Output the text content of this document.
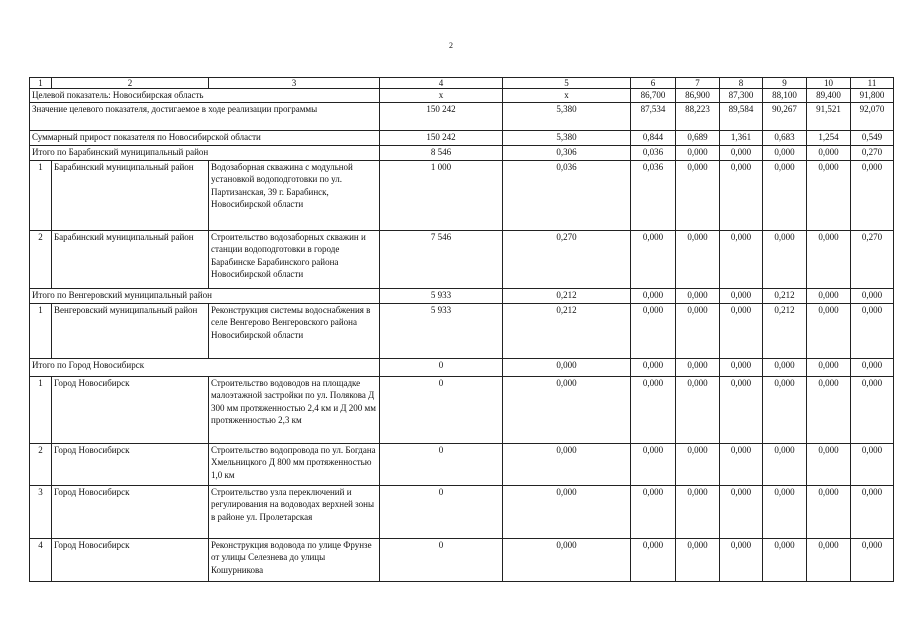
2
1	2	3	4	5	6	7	8	9	10	11
Целевой показатель: Новосибирская область			х	х	86,700	86,900	87,300	88,100	89,400	91,800
Значение целевого показателя, достигаемое в ходе реализации программы			150 242	5,380	87,534	88,223	89,584	90,267	91,521	92,070
Суммарный прирост показателя по Новосибирской области			150 242	5,380	0,844	0,689	1,361	0,683	1,254	0,549
Итого по Барабинский муниципальный район			8 546	0,306	0,036	0,000	0,000	0,000	0,000	0,270
1	Барабинский муниципальный район	Водозаборная скважина с модульной установкой водоподготовки по ул. Партизанская, 39 г. Барабинск, Новосибирской области	1 000	0,036	0,036	0,000	0,000	0,000	0,000	0,000
2	Барабинский муниципальный район	Строительство водозаборных скважин и станции водоподготовки в городе Барабинске Барабинского района Новосибирской области	7 546	0,270	0,000	0,000	0,000	0,000	0,000	0,270
Итого по Венгеровский муниципальный район			5 933	0,212	0,000	0,000	0,000	0,212	0,000	0,000
1	Венгеровский муниципальный район	Реконструкция системы водоснабжения в селе Венгерово Венгеровского района Новосибирской области	5 933	0,212	0,000	0,000	0,000	0,212	0,000	0,000
Итого по Город Новосибирск			0	0,000	0,000	0,000	0,000	0,000	0,000	0,000
1	Город Новосибирск	Строительство водоводов на площадке малоэтажной застройки по ул. Полякова Д 300 мм протяженностью 2,4 км и Д 200 мм протяженностью 2,3 км	0	0,000	0,000	0,000	0,000	0,000	0,000	0,000
2	Город Новосибирск	Строительство водопровода по ул. Богдана Хмельницкого Д 800 мм протяженностью 1,0 км	0	0,000	0,000	0,000	0,000	0,000	0,000	0,000
3	Город Новосибирск	Строительство узла переключений и регулирования на водоводах верхней зоны в районе ул. Пролетарская	0	0,000	0,000	0,000	0,000	0,000	0,000	0,000
4	Город Новосибирск	Реконструкция водовода по улице Фрунзе от улицы Селезнева до улицы Кошурникова	0	0,000	0,000	0,000	0,000	0,000	0,000	0,000
